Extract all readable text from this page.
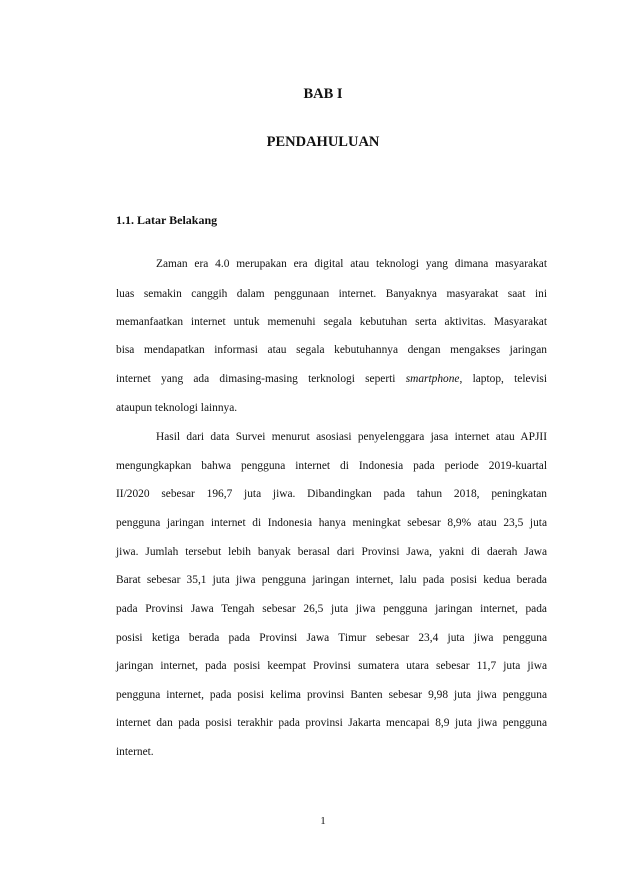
BAB I
PENDAHULUAN
1.1. Latar Belakang
Zaman era 4.0 merupakan era digital atau teknologi yang dimana masyarakat
luas semakin canggih dalam penggunaan internet. Banyaknya masyarakat saat ini
memanfaatkan internet untuk memenuhi segala kebutuhan serta aktivitas. Masyarakat
bisa mendapatkan informasi atau segala kebutuhannya dengan mengakses jaringan
internet yang ada dimasing-masing terknologi seperti smartphone, laptop, televisi
ataupun teknologi lainnya.
Hasil dari data Survei menurut asosiasi penyelenggara jasa internet atau APJII
mengungkapkan bahwa pengguna internet di Indonesia pada periode 2019-kuartal
II/2020 sebesar 196,7 juta jiwa. Dibandingkan pada tahun 2018, peningkatan
pengguna jaringan internet di Indonesia hanya meningkat sebesar 8,9% atau 23,5 juta
jiwa. Jumlah tersebut lebih banyak berasal dari Provinsi Jawa, yakni di daerah Jawa
Barat sebesar 35,1 juta jiwa pengguna jaringan internet, lalu pada posisi kedua berada
pada Provinsi Jawa Tengah sebesar 26,5 juta jiwa pengguna jaringan internet, pada
posisi ketiga berada pada Provinsi Jawa Timur sebesar 23,4 juta jiwa pengguna
jaringan internet, pada posisi keempat Provinsi sumatera utara sebesar 11,7 juta jiwa
pengguna internet, pada posisi kelima provinsi Banten sebesar 9,98 juta jiwa pengguna
internet dan pada posisi terakhir pada provinsi Jakarta mencapai 8,9 juta jiwa pengguna
internet.
1
